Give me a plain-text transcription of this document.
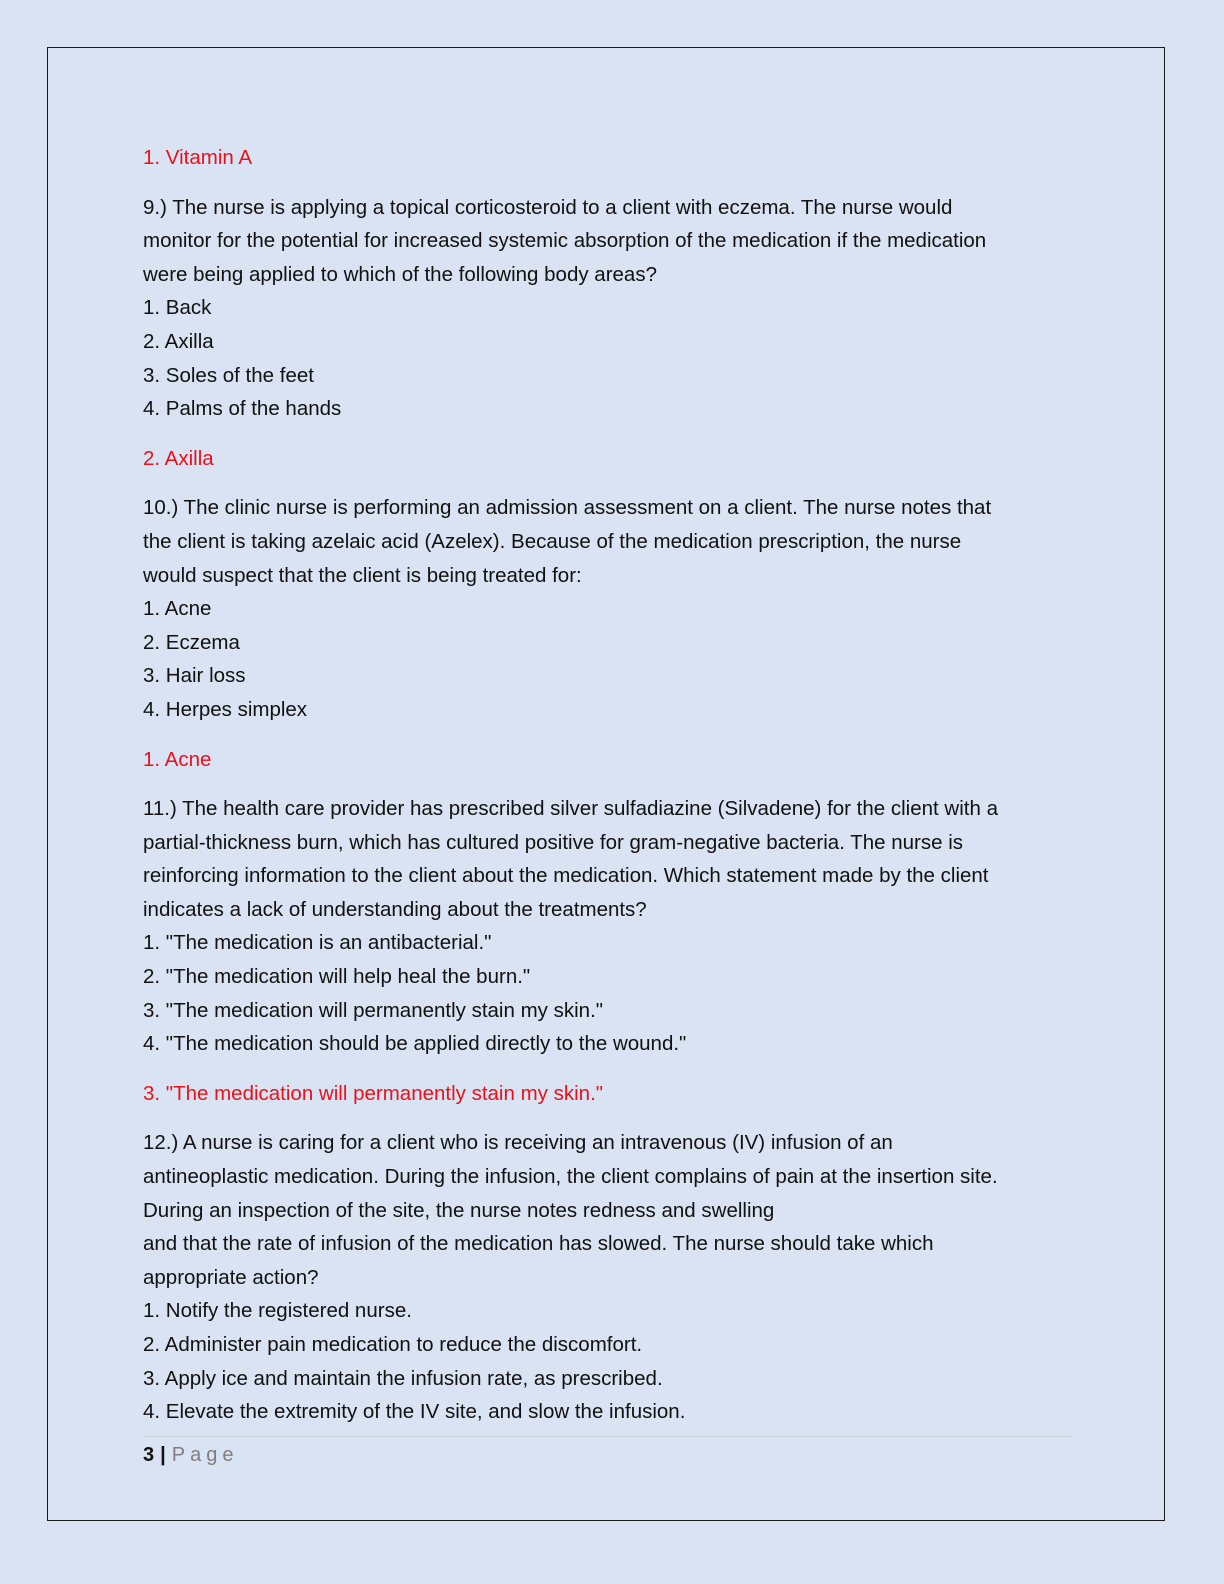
1. Vitamin A
9.) The nurse is applying a topical corticosteroid to a client with eczema. The nurse would
monitor for the potential for increased systemic absorption of the medication if the medication
were being applied to which of the following body areas?
1. Back
2. Axilla
3. Soles of the feet
4. Palms of the hands
2. Axilla
10.) The clinic nurse is performing an admission assessment on a client. The nurse notes that
the client is taking azelaic acid (Azelex). Because of the medication prescription, the nurse
would suspect that the client is being treated for:
1. Acne
2. Eczema
3. Hair loss
4. Herpes simplex
1. Acne
11.) The health care provider has prescribed silver sulfadiazine (Silvadene) for the client with a
partial-thickness burn, which has cultured positive for gram-negative bacteria. The nurse is
reinforcing information to the client about the medication. Which statement made by the client
indicates a lack of understanding about the treatments?
1. "The medication is an antibacterial."
2. "The medication will help heal the burn."
3. "The medication will permanently stain my skin."
4. "The medication should be applied directly to the wound."
3. "The medication will permanently stain my skin."
12.) A nurse is caring for a client who is receiving an intravenous (IV) infusion of an
antineoplastic medication. During the infusion, the client complains of pain at the insertion site.
During an inspection of the site, the nurse notes redness and swelling
and that the rate of infusion of the medication has slowed. The nurse should take which
appropriate action?
1. Notify the registered nurse.
2. Administer pain medication to reduce the discomfort.
3. Apply ice and maintain the infusion rate, as prescribed.
4. Elevate the extremity of the IV site, and slow the infusion.
3 | Page
